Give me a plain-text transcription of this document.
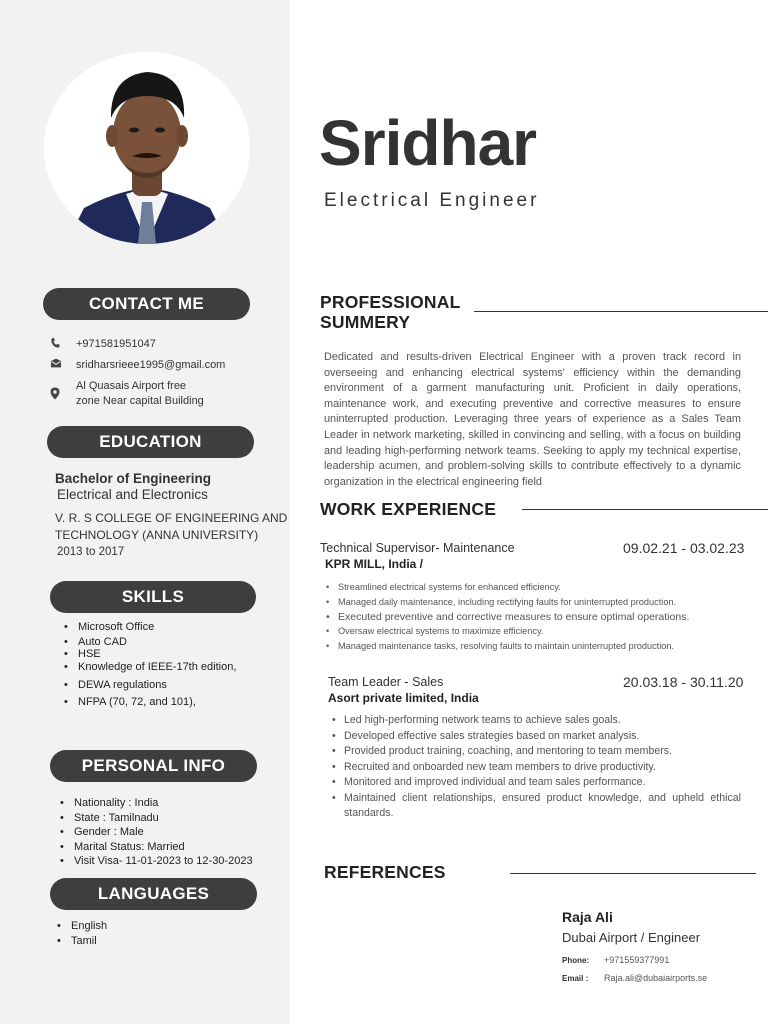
CONTACT ME
+971581951047
sridharsrieee1995@gmail.com
Al Quasais Airport free
zone Near capital Building
EDUCATION
Bachelor of Engineering
Electrical and Electronics
V. R. S COLLEGE OF ENGINEERING AND
TECHNOLOGY (ANNA UNIVERSITY)
2013 to 2017
SKILLS
• Microsoft Office
• Auto CAD
• HSE
• Knowledge of IEEE-17th edition,
• DEWA regulations
• NFPA (70, 72, and 101),
PERSONAL INFO
• Nationality : India
• State : Tamilnadu
• Gender : Male
• Marital Status: Married
• Visit Visa- 11-01-2023 to 12-30-2023
LANGUAGES
• English
• Tamil
Sridhar
Electrical Engineer
PROFESSIONAL
SUMMERY
Dedicated and results-driven Electrical Engineer with a proven track record in overseeing and enhancing electrical systems' efficiency within the demanding environment of a garment manufacturing unit. Proficient in daily operations, maintenance work, and executing preventive and corrective measures to ensure uninterrupted production. Leveraging three years of experience as a Sales Team Leader in network marketing, skilled in convincing and selling, with a focus on building and leading high-performing network teams. Seeking to apply my technical expertise, leadership acumen, and problem-solving skills to contribute effectively to a dynamic organization in the electrical engineering field
WORK EXPERIENCE
Technical Supervisor- Maintenance	09.02.21 - 03.02.23
KPR MILL, India /
• Streamlined electrical systems for enhanced efficiency.
• Managed daily maintenance, including rectifying faults for uninterrupted production.
• Executed preventive and corrective measures to ensure optimal operations.
• Oversaw electrical systems to maximize efficiency.
• Managed maintenance tasks, resolving faults to maintain uninterrupted production.
Team Leader - Sales	20.03.18 - 30.11.20
Asort private limited, India
• Led high-performing network teams to achieve sales goals.
• Developed effective sales strategies based on market analysis.
• Provided product training, coaching, and mentoring to team members.
• Recruited and onboarded new team members to drive productivity.
• Monitored and improved individual and team sales performance.
• Maintained client relationships, ensured product knowledge, and upheld ethical standards.
REFERENCES
Raja Ali
Dubai Airport / Engineer
Phone: +971559377991
Email : Raja.ali@dubaiairports.se
